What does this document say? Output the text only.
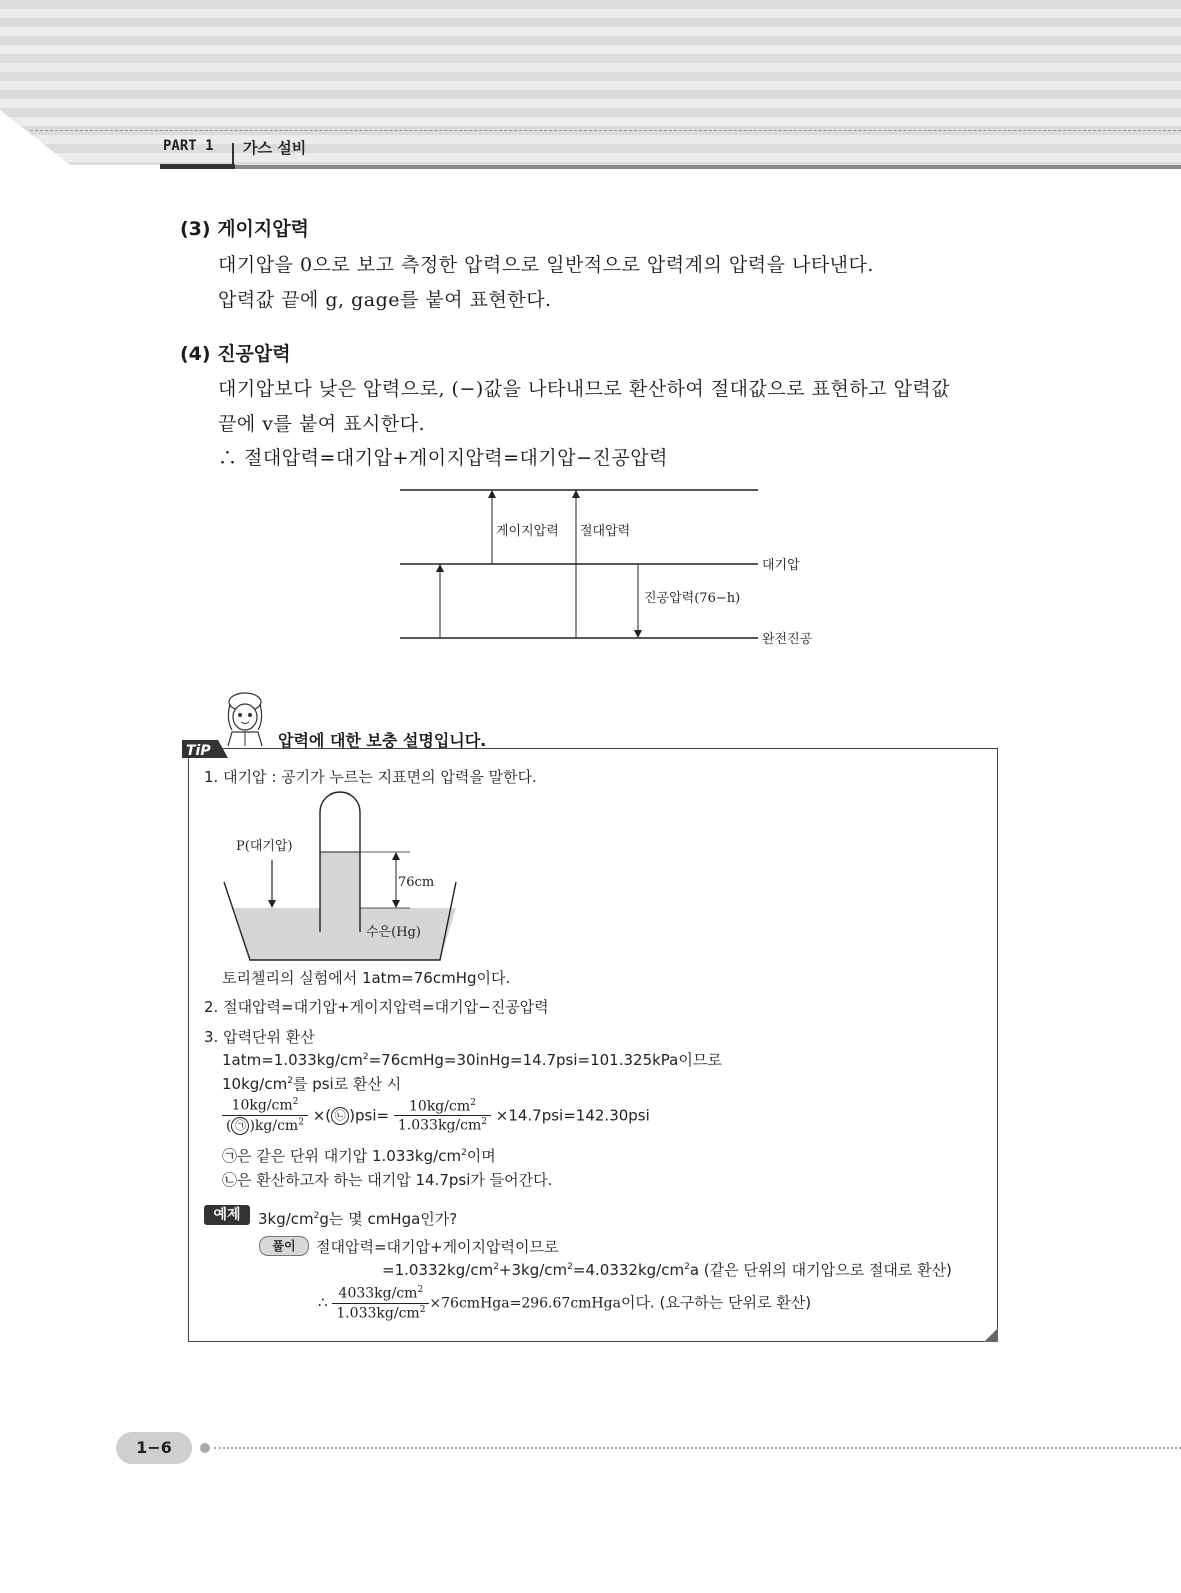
PART 1 가스 설비
(3) 게이지압력
대기압을 0으로 보고 측정한 압력으로 일반적으로 압력계의 압력을 나타낸다.
압력값 끝에 g, gage를 붙여 표현한다.
(4) 진공압력
대기압보다 낮은 압력으로, (−)값을 나타내므로 환산하여 절대값으로 표현하고 압력값
끝에 v를 붙여 표시한다.
∴ 절대압력=대기압+게이지압력=대기압−진공압력
게이지압력 절대압력
대기압
진공압력(76−h)
완전진공
TiP
압력에 대한 보충 설명입니다.
1. 대기압 : 공기가 누르는 지표면의 압력을 말한다.
P(대기압)
76cm
수은(Hg)
토리첼리의 실험에서 1atm=76cmHg이다.
2. 절대압력=대기압+게이지압력=대기압−진공압력
3. 압력단위 환산
$1atm=1.033kg/cm^2=76cmHg=30inHg=14.7psi=101.325kPa$이므로
$10kg/cm^2$를 psi로 환산 시
$\frac{10kg/cm^2}{( ㉠ )kg/cm^2}$ ×( ㉡ )$psi= \frac{10kg/cm^2}{1.033kg/cm^2} \times 14.7psi=142.30psi$
㉠은 같은 단위 대기압 $1.033kg/cm^2$이며
㉡은 환산하고자 하는 대기압 14.7psi가 들어간다.
예제	$3kg/cm^2g$는 몇 cmHga인가?
풀이	절대압력=대기압+게이지압력이므로
$=1.0332kg/cm^2+3kg/cm^2=4.0332kg/cm^2a$ (같은 단위의 대기압으로 절대로 환산)
∴ $\frac{4033kg/cm^2}{1.033kg/cm^2}$ ×76cmHga=296.67cmHga이다. (요구하는 단위로 환산)
1−6
